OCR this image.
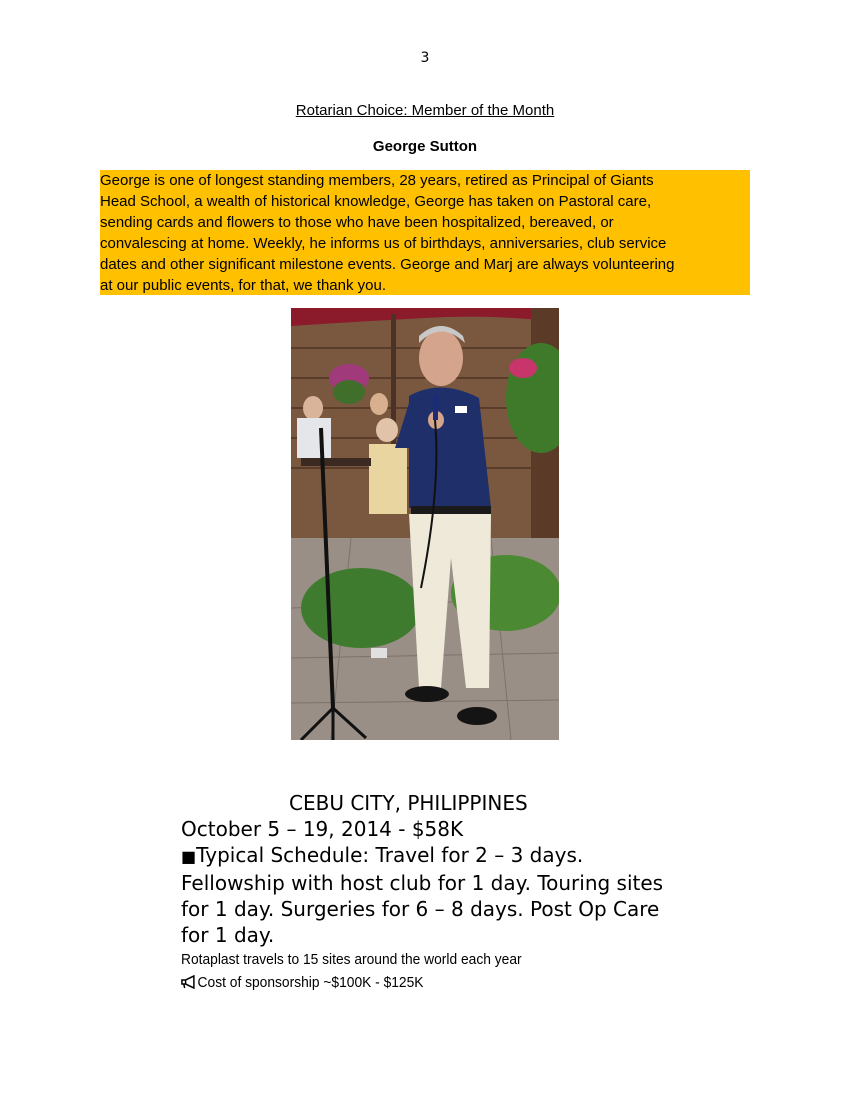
3
Rotarian Choice: Member of the Month
George Sutton
George is one of longest standing members, 28 years, retired as Principal of Giants
Head School, a wealth of historical knowledge, George has taken on Pastoral care,
sending cards and flowers to those who have been hospitalized, bereaved, or
convalescing at home. Weekly, he informs us of birthdays, anniversaries, club service
dates and other significant milestone events. George and Marj are always volunteering
at our public events, for that, we thank you.
CEBU CITY, PHILIPPINES
October 5 – 19, 2014 - $58K
■Typical Schedule: Travel for 2 – 3 days.
Fellowship with host club for 1 day. Touring sites
for 1 day. Surgeries for 6 – 8 days. Post Op Care
for 1 day.
Rotaplast travels to 15 sites around the world each year
Cost of sponsorship ~$100K - $125K
